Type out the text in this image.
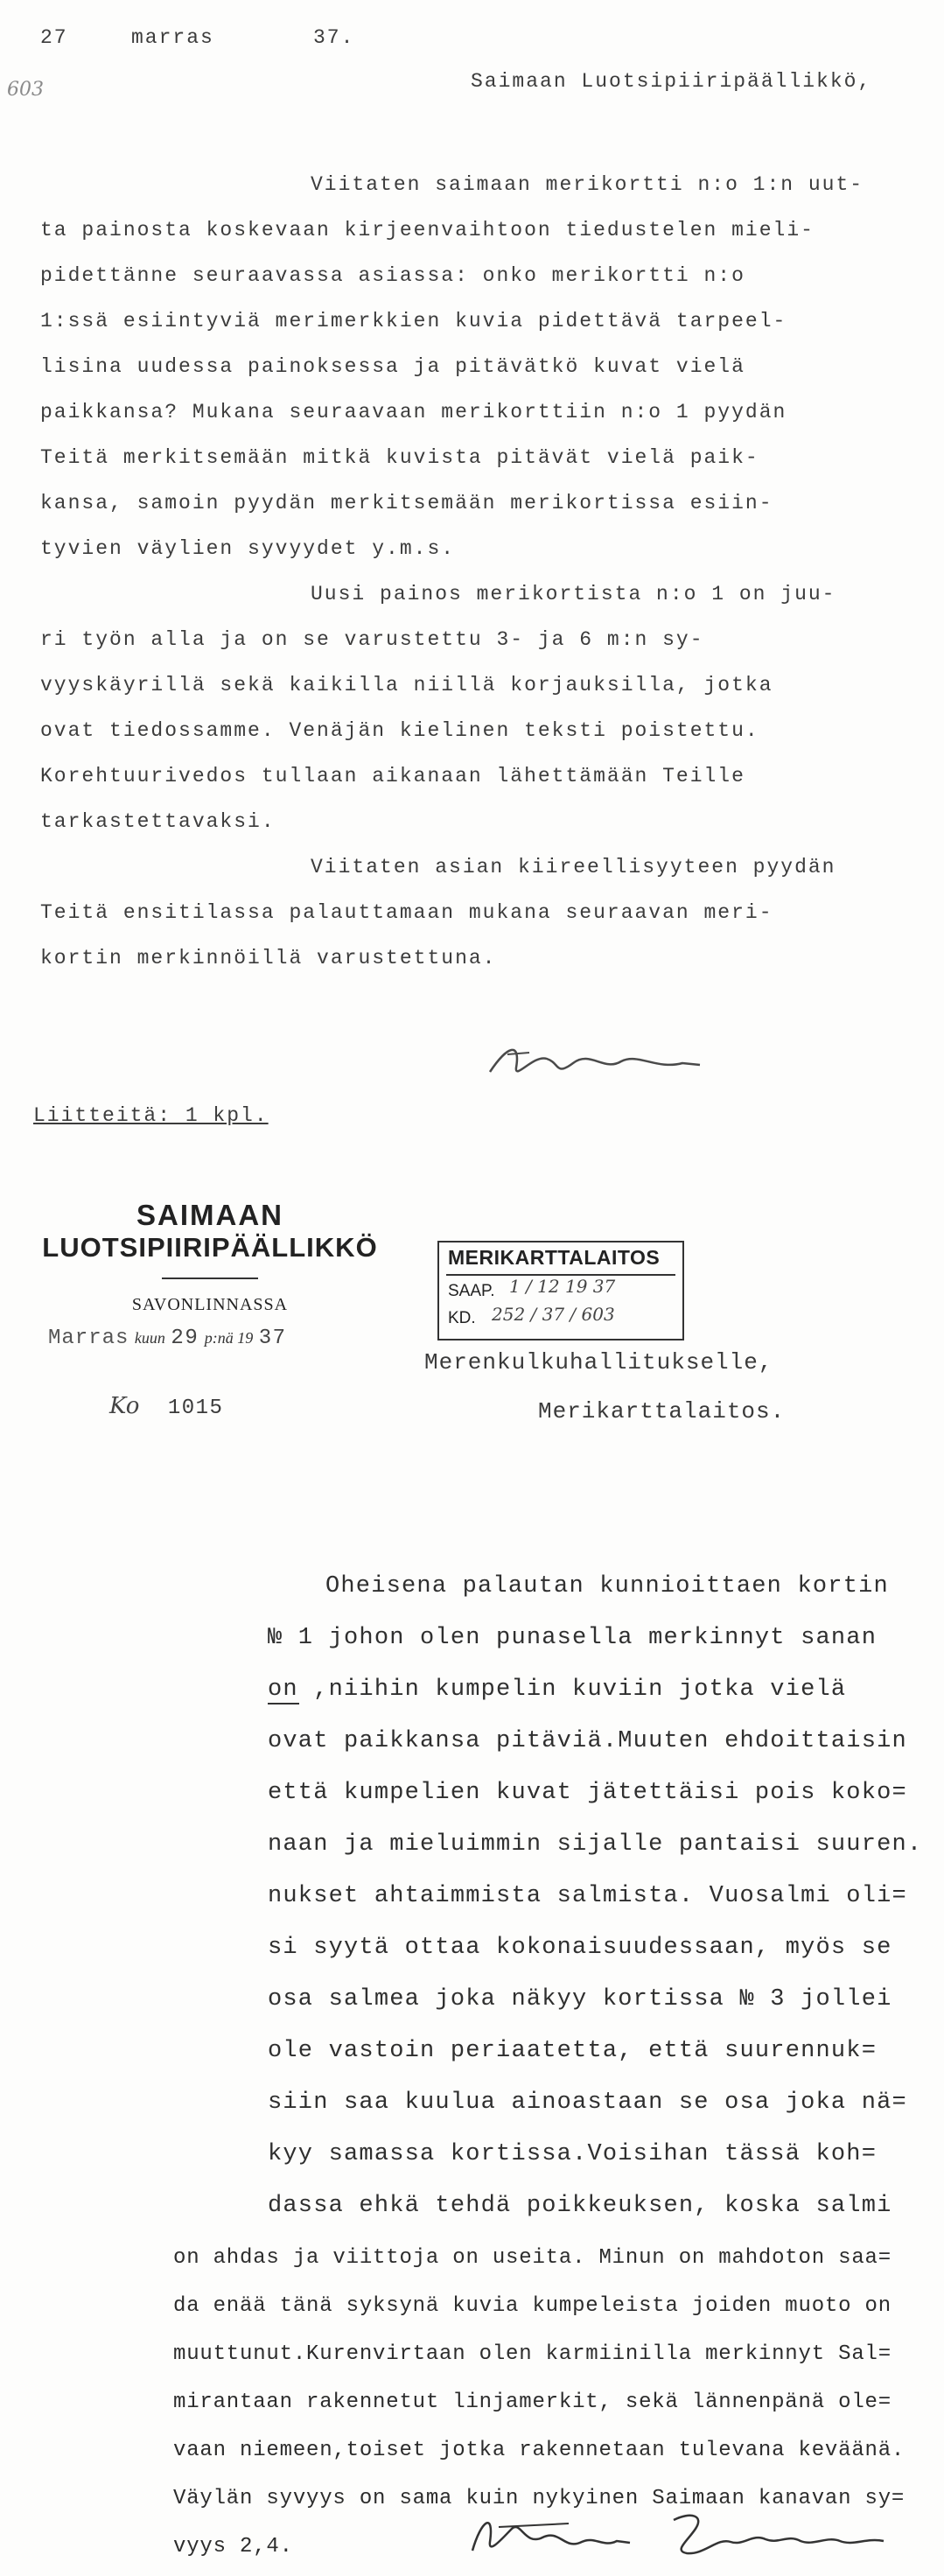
27	marras	37.
603	Saimaan Luotsipiiripäällikkö,
Viitaten saimaan merikortti n:o 1:n uut-
ta painosta koskevaan kirjeenvaihtoon tiedustelen mieli-
pidettänne seuraavassa asiassa: onko merikortti n:o
1:ssä esiintyviä merimerkkien kuvia pidettävä tarpeel-
lisina uudessa painoksessa ja pitävätkö kuvat vielä
paikkansa? Mukana seuraavaan merikorttiin n:o 1 pyydän
Teitä merkitsemään mitkä kuvista pitävät vielä paik-
kansa, samoin pyydän merkitsemään merikortissa esiin-
tyvien väylien syvyydet y.m.s.
Uusi painos merikortista n:o 1 on juu-
ri työn alla ja on se varustettu 3- ja 6 m:n sy-
vyyskäyrillä sekä kaikilla niillä korjauksilla, jotka
ovat tiedossamme. Venäjän kielinen teksti poistettu.
Korehtuurivedos tullaan aikanaan lähettämään Teille
tarkastettavaksi.
Viitaten asian kiireellisyyteen pyydän
Teitä ensitilassa palauttamaan mukana seuraavan meri-
kortin merkinnöillä varustettuna.
Liitteitä: 1 kpl.
SAIMAAN
LUOTSIPIIRIPÄÄLLIKKÖ
SAVONLINNASSA
Marras kuun 29 p:nä 19 37
Ko 1015
MERIKARTTALAITOS
SAAP. 1 / 12 19 37
KD. 252 / 37 / 603
Merenkulkuhallitukselle,
Merikarttalaitos.
Oheisena palautan kunnioittaen kortin
№ 1 johon olen punasella merkinnyt sanan
on ,niihin kumpelin kuviin jotka vielä
ovat paikkansa pitäviä.Muuten ehdoittaisin
että kumpelien kuvat jätettäisi pois koko=
naan ja mieluimmin sijalle pantaisi suuren.
nukset ahtaimmista salmista. Vuosalmi oli=
si syytä ottaa kokonaisuudessaan, myös se
osa salmea joka näkyy kortissa № 3 jollei
ole vastoin periaatetta, että suurennuk=
siin saa kuulua ainoastaan se osa joka nä=
kyy samassa kortissa.Voisihan tässä koh=
dassa ehkä tehdä poikkeuksen, koska salmi
on ahdas ja viittoja on useita. Minun on mahdoton saa=
da enää tänä syksynä kuvia kumpeleista joiden muoto on
muuttunut.Kurenvirtaan olen karmiinilla merkinnyt Sal=
mirantaan rakennetut linjamerkit, sekä lännenpänä ole=
vaan niemeen,toiset jotka rakennetaan tulevana keväänä.
Väylän syvyys on sama kuin nykyinen Saimaan kanavan sy=
vyys 2,4.
